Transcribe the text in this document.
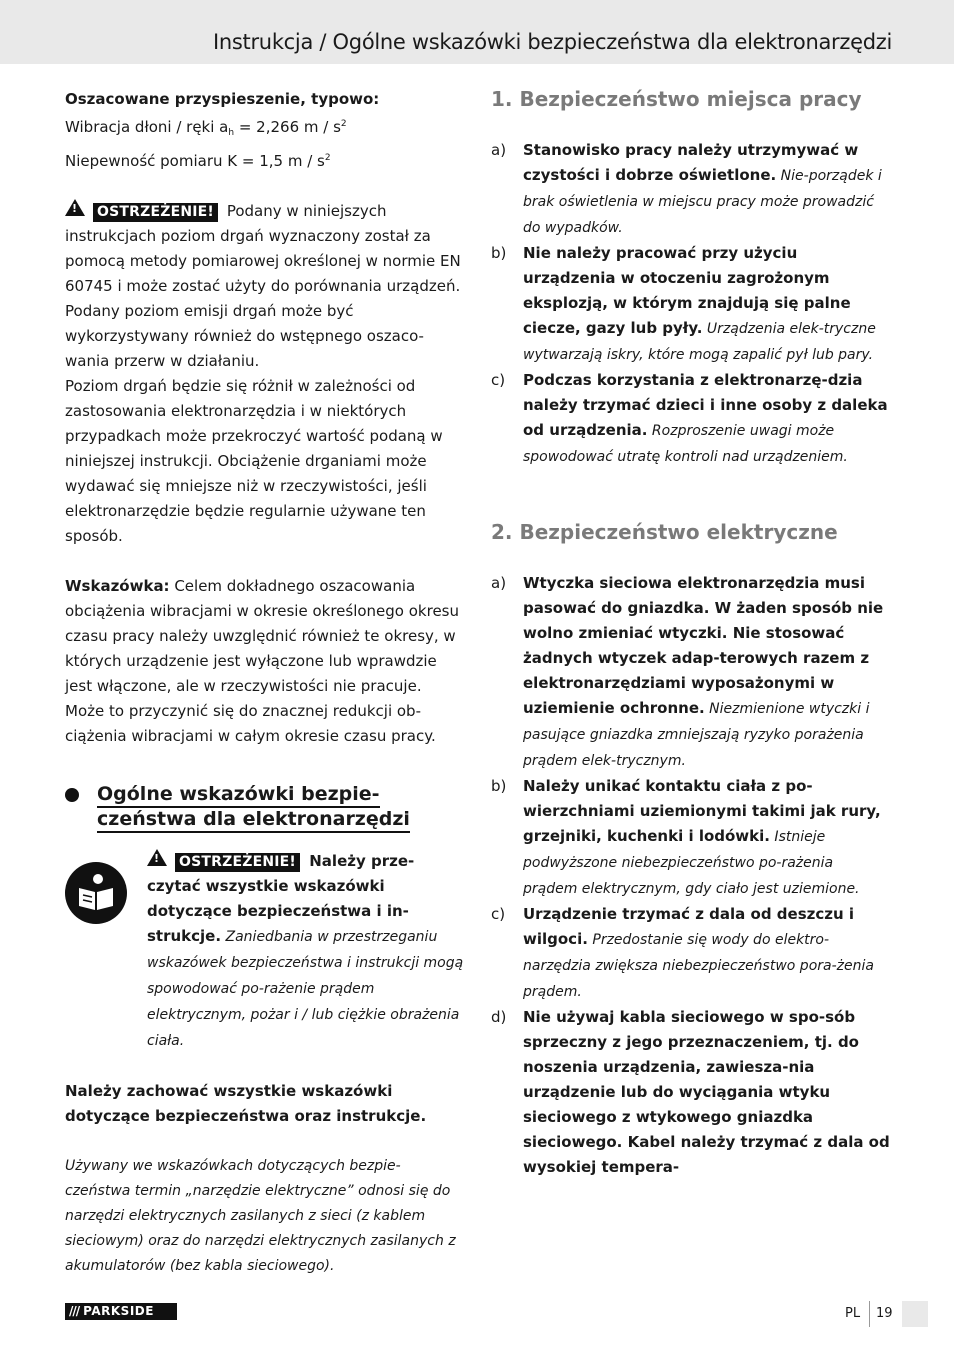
Instrukcja / Ogólne wskazówki bezpieczeństwa dla elektronarzędzi

Oszacowane przyspieszenie, typowo:

Wibracja dłoni / ręki $a_h = 2,266$ m / $s^2$

Niepewność pomiaru K = 1,5 m / $s^2$

! OSTRZEŻENIE! Podany w niniejszych instrukcjach poziom drgań wyznaczony został za pomocą metody pomiarowej określonej w normie EN 60745 i może zostać użyty do porównania urządzeń. Podany poziom emisji drgań może być wykorzystywany również do wstępnego oszaco-wania przerw w działaniu.

Poziom drgań będzie się różnił w zależności od zastosowania elektronarzędzia i w niektórych przypadkach może przekroczyć wartość podaną w niniejszej instrukcji. Obciążenie drganiami może wydawać się mniejsze niż w rzeczywistości, jeśli elektronarzędzie będzie regularnie używane ten sposób.

Wskazówka: Celem dokładnego oszacowania obciążenia wibracjami w okresie określonego okresu czasu pracy należy uwzględnić również te okresy, w których urządzenie jest wyłączone lub wprawdzie jest włączone, ale w rzeczywistości nie pracuje. Może to przyczynić się do znacznej redukcji ob-ciążenia wibracjami w całym okresie czasu pracy.

Ogólne wskazówki bezpie-czeństwa dla elektronarzędzi

! OSTRZEŻENIE! Należy prze-czytać wszystkie wskazówki dotyczące bezpieczeństwa i in-strukcje. Zaniedbania w przestrzeganiu wskazówek bezpieczeństwa i instrukcji mogą spowodować po-rażenie prądem elektrycznym, pożar i / lub ciężkie obrażenia ciała.

Należy zachować wszystkie wskazówki dotyczące bezpieczeństwa oraz instrukcje.

Używany we wskazówkach dotyczących bezpie-czeństwa termin „narzędzie elektryczne” odnosi się do narzędzi elektrycznych zasilanych z sieci (z kablem sieciowym) oraz do narzędzi elektrycznych zasilanych z akumulatorów (bez kabla sieciowego).

1. Bezpieczeństwo miejsca pracy
a) Stanowisko pracy należy utrzymywać w czystości i dobrze oświetlone. Nie-porządek i brak oświetlenia w miejscu pracy może prowadzić do wypadków.
b) Nie należy pracować przy użyciu urządzenia w otoczeniu zagrożonym eksplozją, w którym znajdują się palne ciecze, gazy lub pyły. Urządzenia elek-tryczne wytwarzają iskry, które mogą zapalić pył lub pary.
c) Podczas korzystania z elektronarzę-dzia należy trzymać dzieci i inne osoby z daleka od urządzenia. Rozproszenie uwagi może spowodować utratę kontroli nad urządzeniem.
2. Bezpieczeństwo elektryczne
a) Wtyczka sieciowa elektronarzędzia musi pasować do gniazdka. W żaden sposób nie wolno zmieniać wtyczki. Nie stosować żadnych wtyczek adap-terowych razem z elektronarzędziami wyposażonymi w uziemienie ochronne. Niezmienione wtyczki i pasujące gniazdka zmniejszają ryzyko porażenia prądem elek-trycznym.
b) Należy unikać kontaktu ciała z po-wierzchniami uziemionymi takimi jak rury, grzejniki, kuchenki i lodówki. Istnieje podwyższone niebezpieczeństwo po-rażenia prądem elektrycznym, gdy ciało jest uziemione.
c) Urządzenie trzymać z dala od deszczu i wilgoci. Przedostanie się wody do elektro-narzędzia zwiększa niebezpieczeństwo pora-żenia prądem.
d) Nie używaj kabla sieciowego w spo-sób sprzeczny z jego przeznaczeniem, tj. do noszenia urządzenia, zawiesza-nia urządzenie lub do wyciągania wtyku sieciowego z wtykowego gniazdka sieciowego. Kabel należy trzymać z dala od wysokiej tempera-
/// PARKSIDE	PL 19
